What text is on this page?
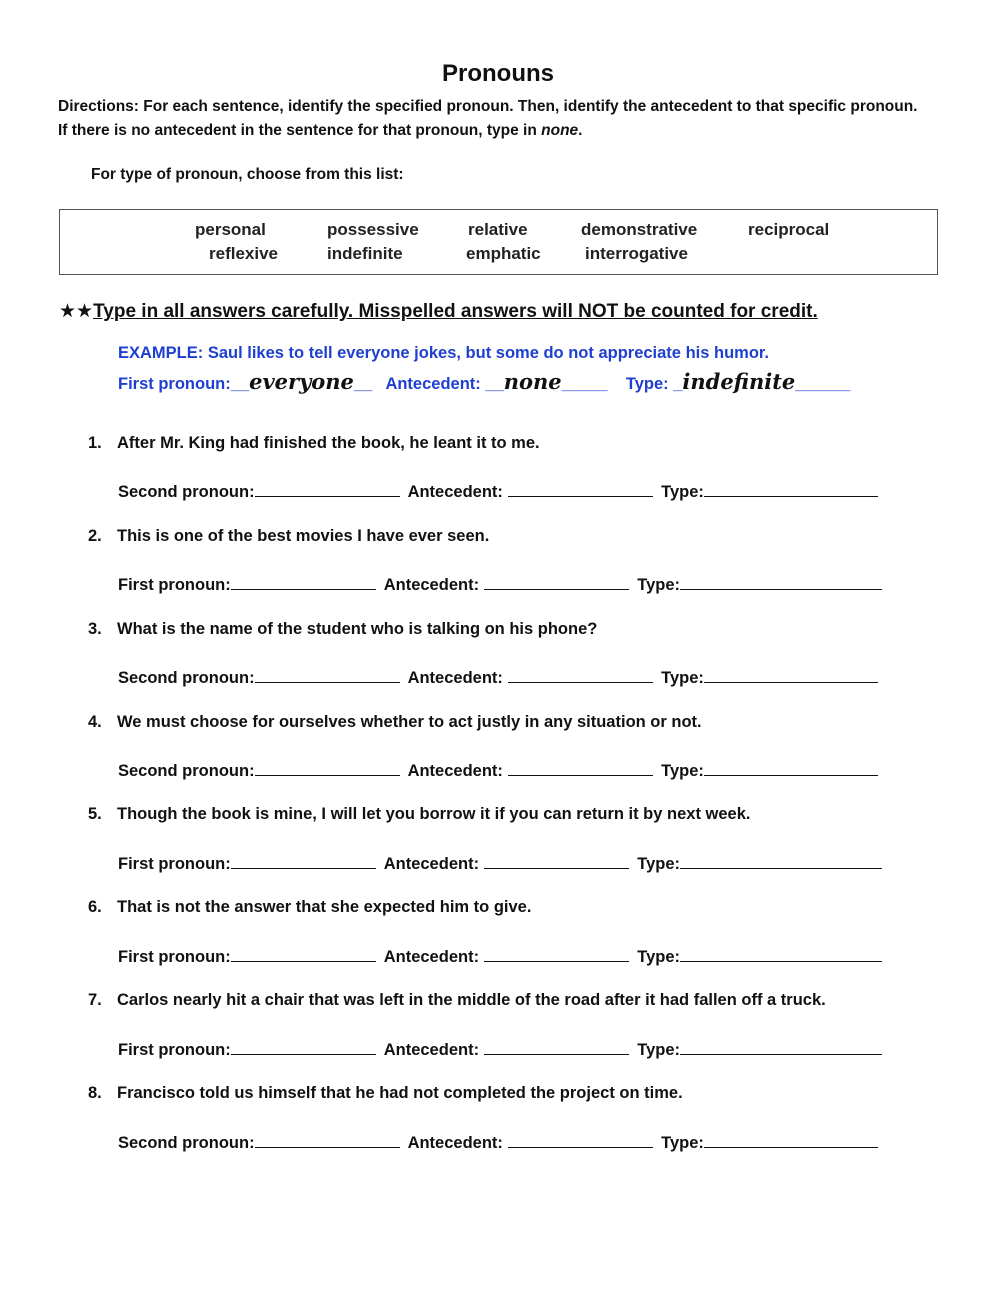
Pronouns
Directions: For each sentence, identify the specified pronoun. Then, identify the antecedent to that specific pronoun.
If there is no antecedent in the sentence for that pronoun, type in none.
For type of pronoun, choose from this list:
personal	possessive	relative	demonstrative	reciprocal
reflexive	indefinite	emphatic	interrogative
★★Type in all answers carefully. Misspelled answers will NOT be counted for credit.
EXAMPLE: Saul likes to tell everyone jokes, but some do not appreciate his humor.
First pronoun:__everyone__   Antecedent: __none_____    Type: _indefinite______
1. After Mr. King had finished the book, he leant it to me.
Second pronoun:	Antecedent:	Type:
2. This is one of the best movies I have ever seen.
First pronoun:	Antecedent:	Type:
3. What is the name of the student who is talking on his phone?
Second pronoun:	Antecedent:	Type:
4. We must choose for ourselves whether to act justly in any situation or not.
Second pronoun:	Antecedent:	Type:
5. Though the book is mine, I will let you borrow it if you can return it by next week.
First pronoun:	Antecedent:	Type:
6. That is not the answer that she expected him to give.
First pronoun:	Antecedent:	Type:
7. Carlos nearly hit a chair that was left in the middle of the road after it had fallen off a truck.
First pronoun:	Antecedent:	Type:
8. Francisco told us himself that he had not completed the project on time.
Second pronoun:	Antecedent:	Type:
